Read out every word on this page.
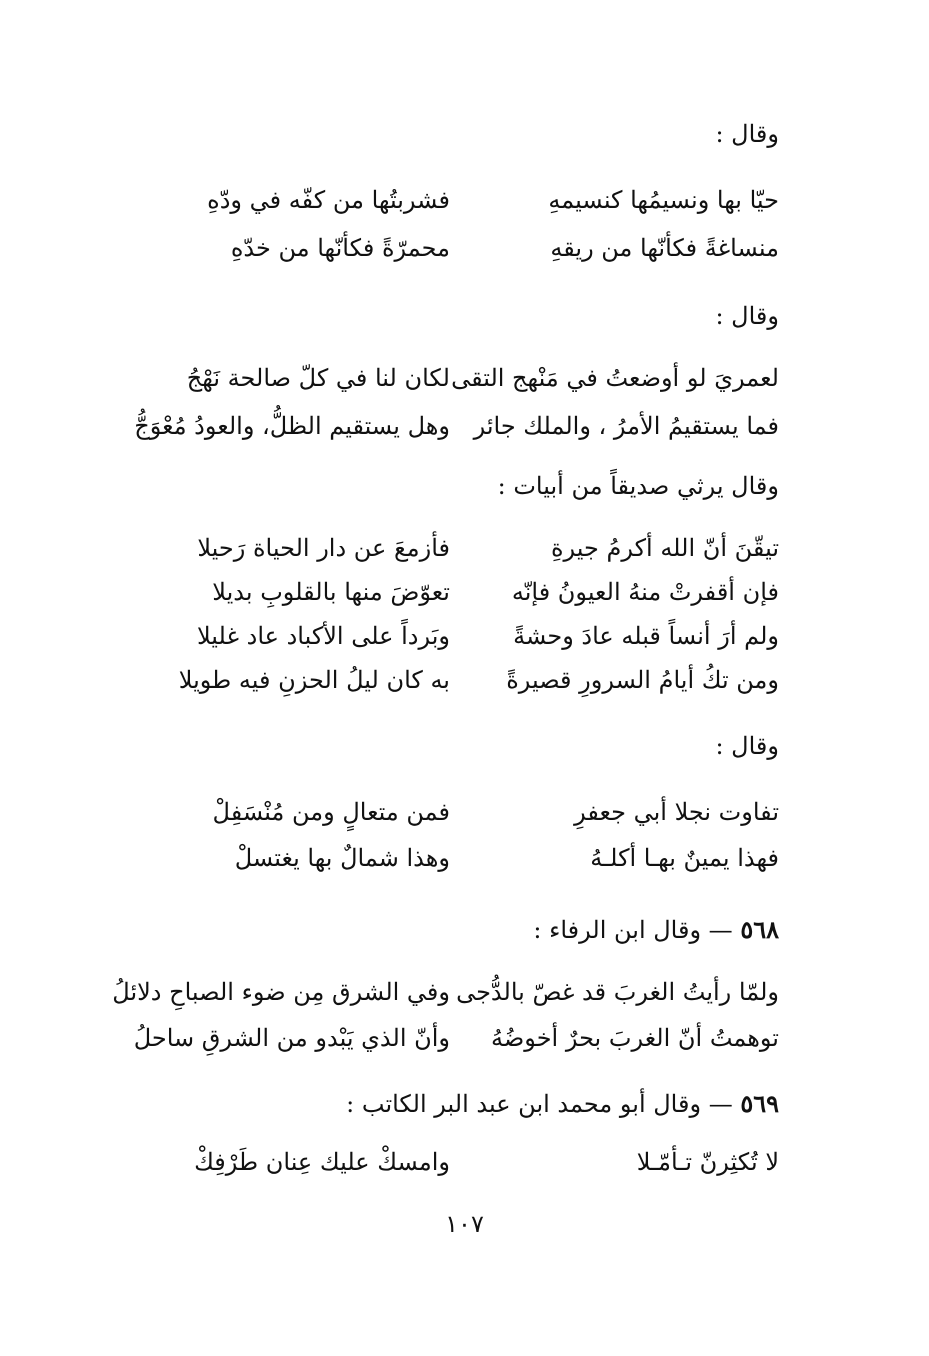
وقال :
حيّا بها ونسيمُها كنسيمهِ
فشربتُها من كفّه في ودّهِ
منساغةً فكأنّها من ريقهِ
محمرّةً فكأنّها من خدّهِ
وقال :
لعمريَ لو أوضعتُ في مَنْهج التقى
لكان لنا في كلّ صالحة نَهْجُ
فما يستقيمُ الأمرُ ، والملك جائر
وهل يستقيم الظلُّ، والعودُ مُعْوَجُّ
وقال يرثي صديقاً من أبيات :
تيقّنَ أنّ الله أكرمُ جيرةِ
فأزمعَ عن دار الحياة رَحيلا
فإن أقفرتْ منهُ العيونُ فإنّه
تعوّضَ منها بالقلوبِ بديلا
ولم أرَ أنساً قبله عادَ وحشةً
وبَرداً على الأكباد عاد غليلا
ومن تكُ أيامُ السرورِ قصيرةً
به كان ليلُ الحزنِ فيه طويلا
وقال :
تفاوت نجلا أبي جعفرِ
فمن متعالٍ ومن مُنْسَفِلْ
فهذا يمينٌ بهـا أكلـهُ
وهذا شمالٌ بها يغتسلْ
٥٦٨ — وقال ابن الرفاء :
ولمّا رأيتُ الغربَ قد غصّ بالدُّجى
وفي الشرق مِن ضوء الصباحِ دلائلُ
توهمتُ أنّ الغربَ بحرٌ أخوضُهُ
وأنّ الذي يَبْدو من الشرقِ ساحلُ
٥٦٩ — وقال أبو محمد ابن عبد البر الكاتب :
لا تُكثِرنّ تـأمّـلا
وامسكْ عليك عِنان طَرْفِكْ
١٠٧
